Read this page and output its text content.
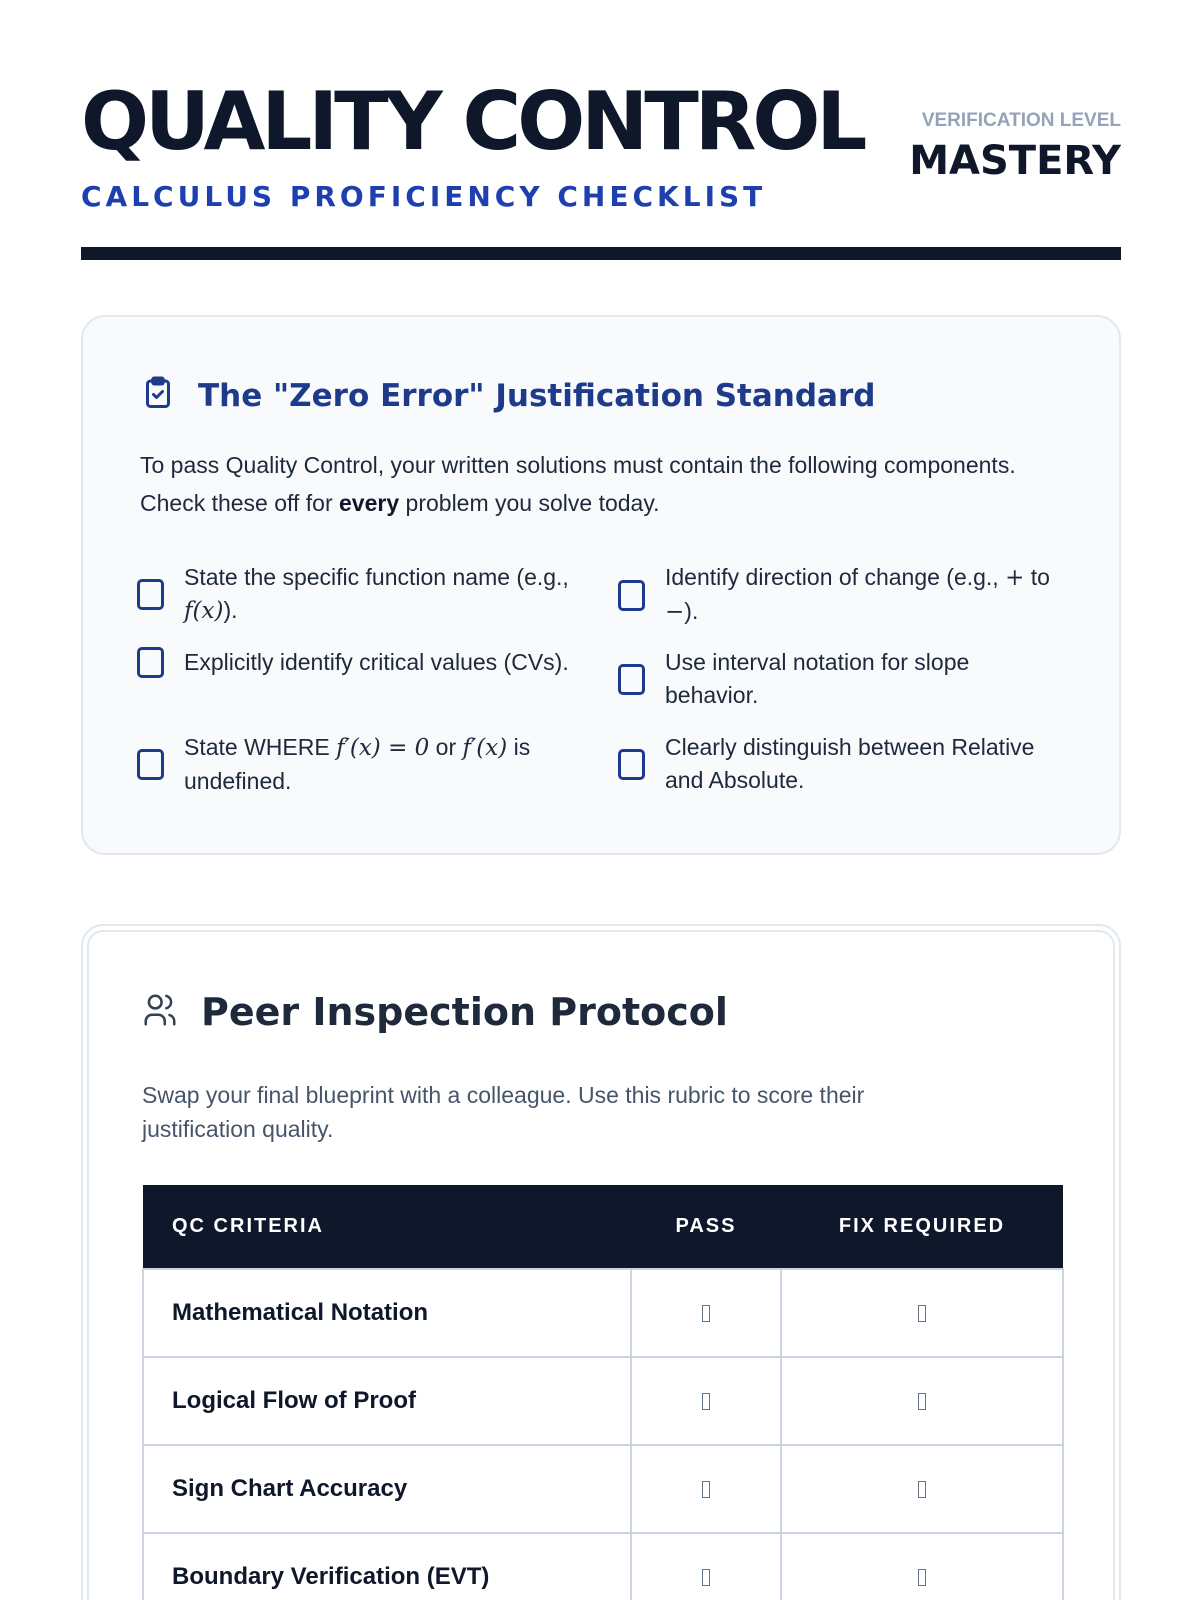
QUALITY CONTROL
CALCULUS PROFICIENCY CHECKLIST
VERIFICATION LEVEL
MASTERY
The "Zero Error" Justification Standard

To pass Quality Control, your written solutions must contain the following components. Check these off for every problem you solve today.

State the specific function name (e.g., f(x)).
Identify direction of change (e.g., + to −).
Explicitly identify critical values (CVs).	Use interval notation for slope behavior.
State WHERE f′(x) = 0 or f′(x) is undefined.
Clearly distinguish between Relative and Absolute.
Peer Inspection Protocol

Swap your final blueprint with a colleague. Use this rubric to score their justification quality.

QC CRITERIA	PASS	FIX REQUIRED
Mathematical Notation		
Logical Flow of Proof		
Sign Chart Accuracy		
Boundary Verification (EVT)		
